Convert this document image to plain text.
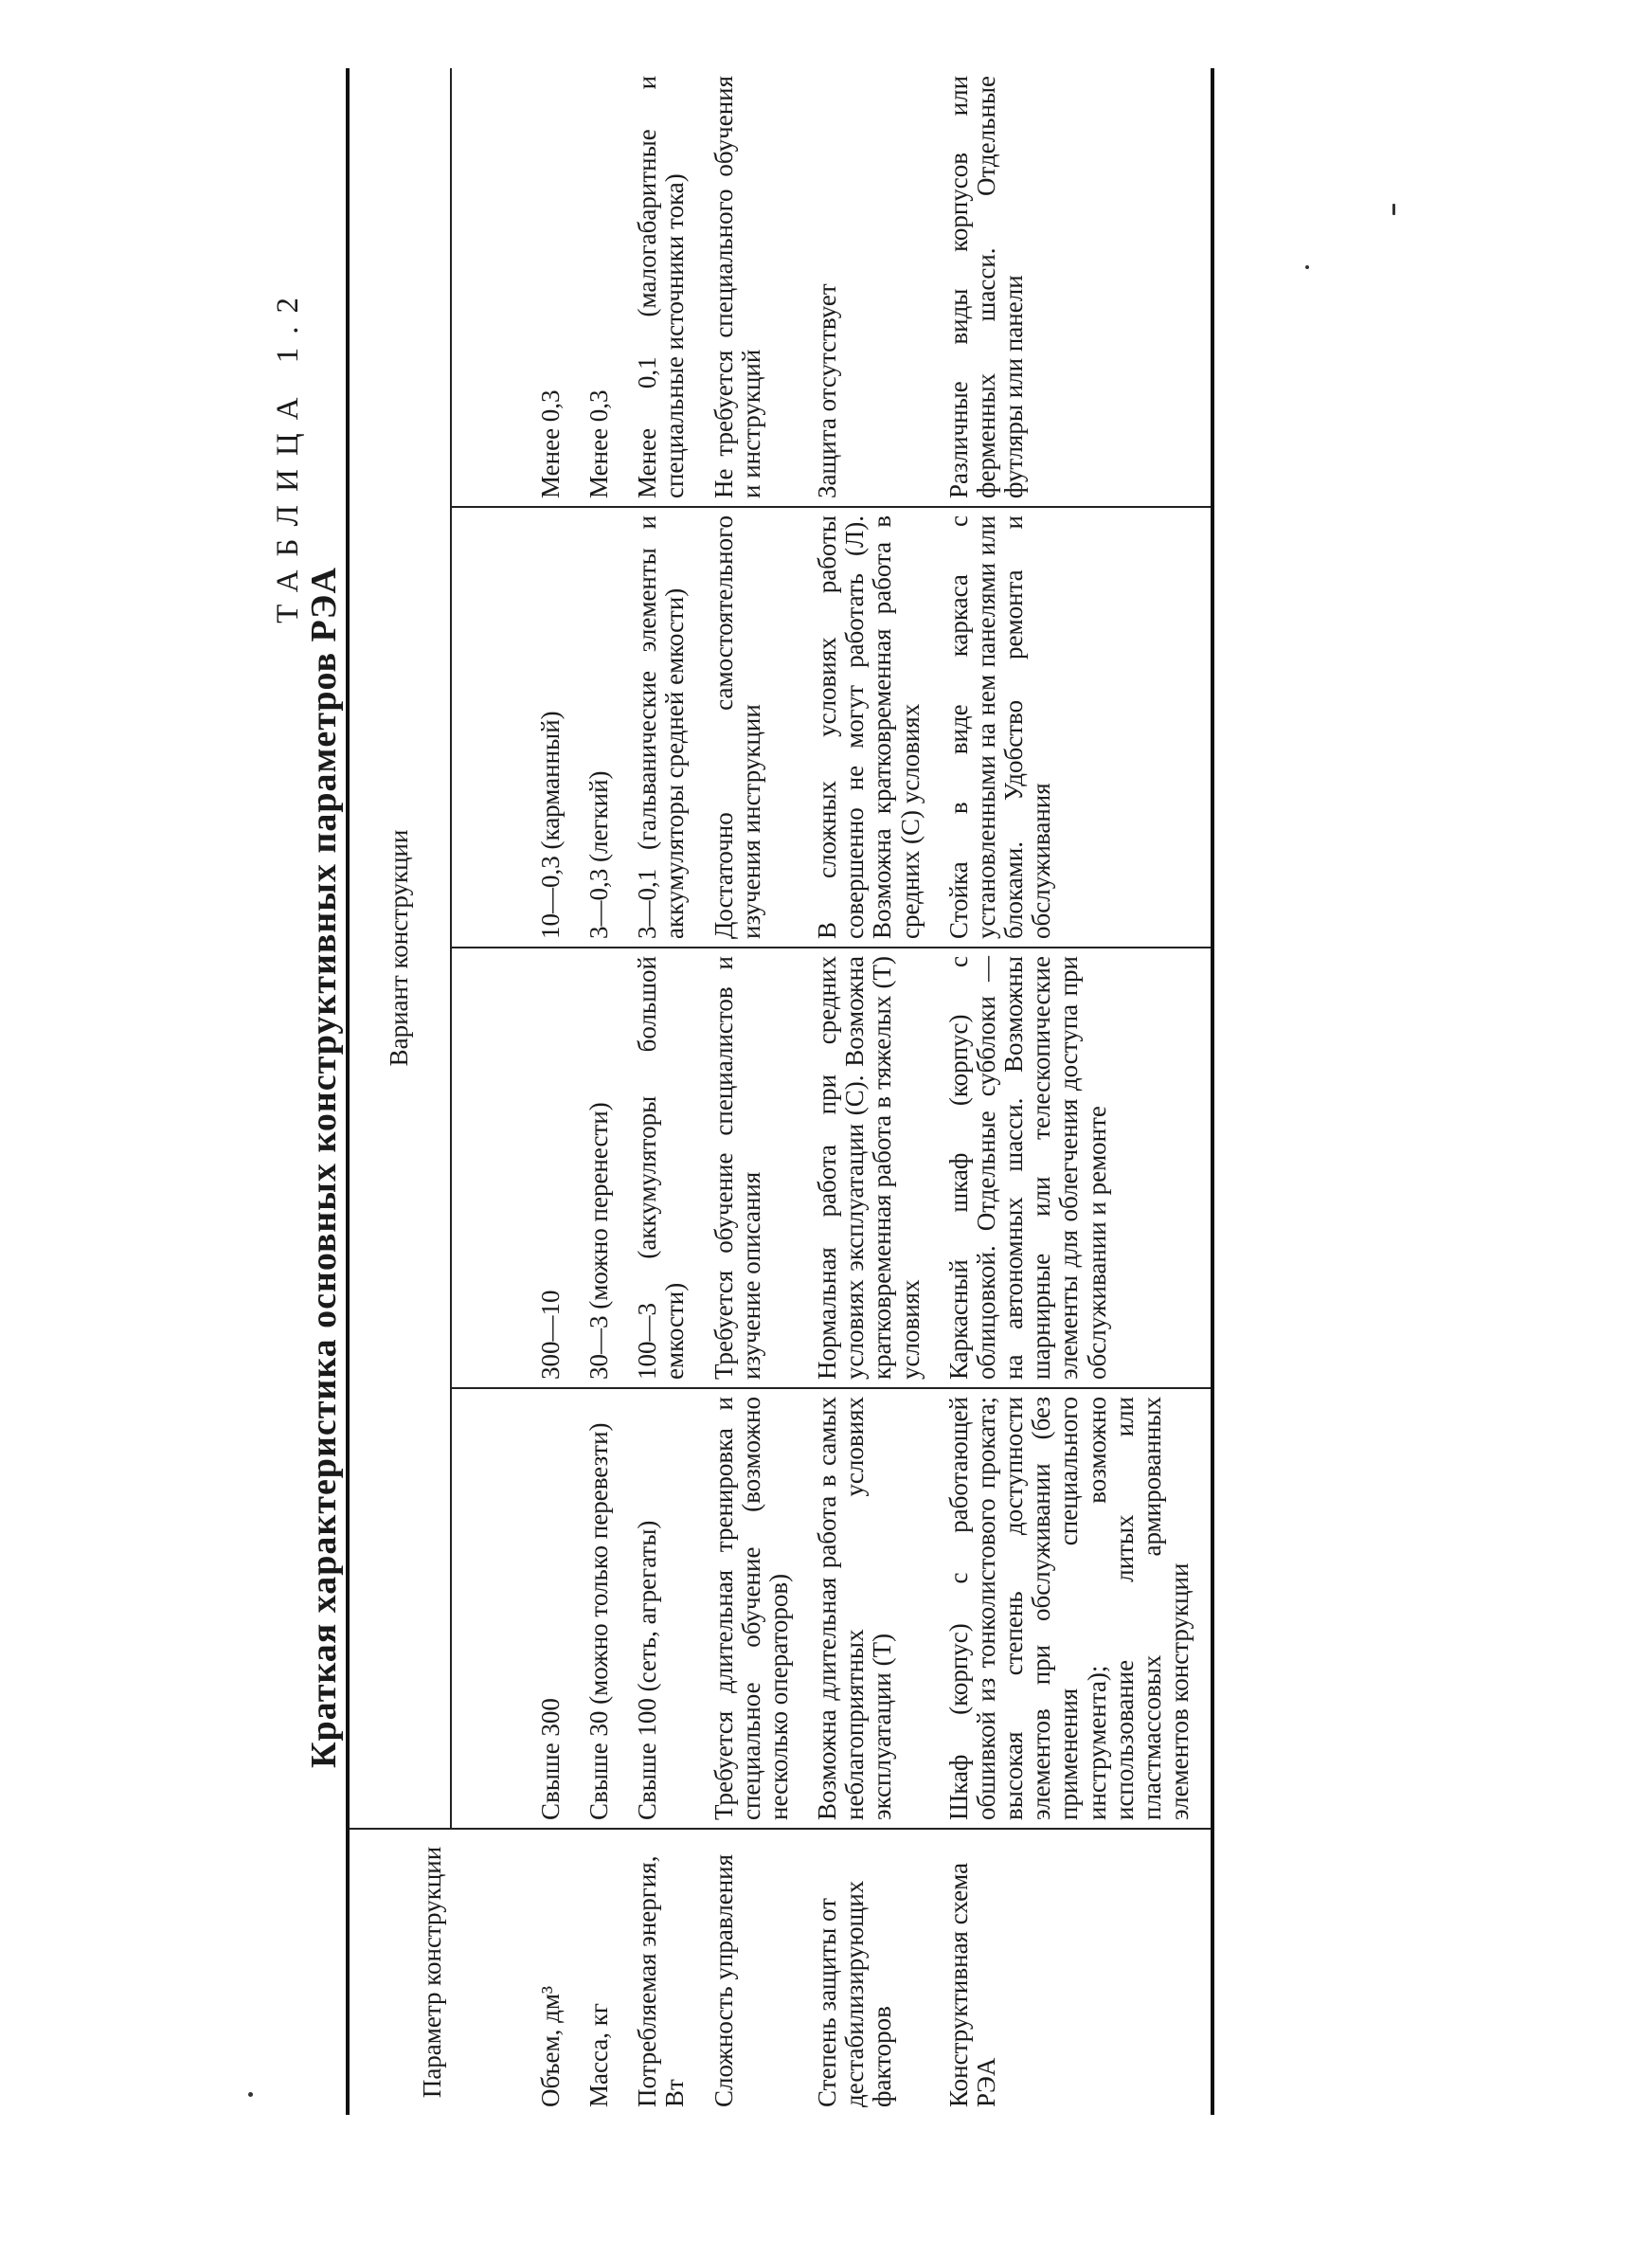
ТАБЛИЦА 1.2
Краткая характеристика основных конструктивных параметров РЭА
Параметр конструкции	Вариант конструкции			

Объем, дм³	Свыше 300	300—10	10—0,3 (карманный)	Менее 0,3
Масса, кг	Свыше 30 (можно только перевезти)	30—3 (можно перенести)	3—0,3 (легкий)	Менее 0,3
Потребляемая энергия, Вт	Свыше 100 (сеть, агрегаты)	100—3 (аккумуляторы большой емкости)	3—0,1 (гальванические элементы и аккумуляторы средней емкости)	Менее 0,1 (малогабаритные и специальные источники тока)
Сложность управления	Требуется длительная тренировка и специальное обучение (возможно несколько операторов)	Требуется обучение специалистов и изучение описания	Достаточно самостоятельного изучения инструкции	Не требуется специального обучения и инструкций
Степень защиты от дестабилизирующих факторов	Возможна длительная работа в самых неблагоприятных условиях эксплуатации (Т)	Нормальная работа при средних условиях эксплуатации (С). Возможна кратковременная работа в тяжелых (Т) условиях	В сложных условиях работы совершенно не могут работать (Л). Возможна кратковременная работа в средних (С) условиях	Защита отсутствует
Конструктивная схема РЭА	Шкаф (корпус) с работающей обшивкой из тонколистового проката; высокая степень доступности элементов при обслуживании (без применения специального инструмента); возможно использование литых или пластмассовых армированных элементов конструкции	Каркасный шкаф (корпус) с облицовкой. Отдельные субблоки — на автономных шасси. Возможны шарнирные или телескопические элементы для облегчения доступа при обслуживании и ремонте	Стойка в виде каркаса с установленными на нем панелями или блоками. Удобство ремонта и обслуживания	Различные виды корпусов или ферменных шасси. Отдельные футляры или панели
